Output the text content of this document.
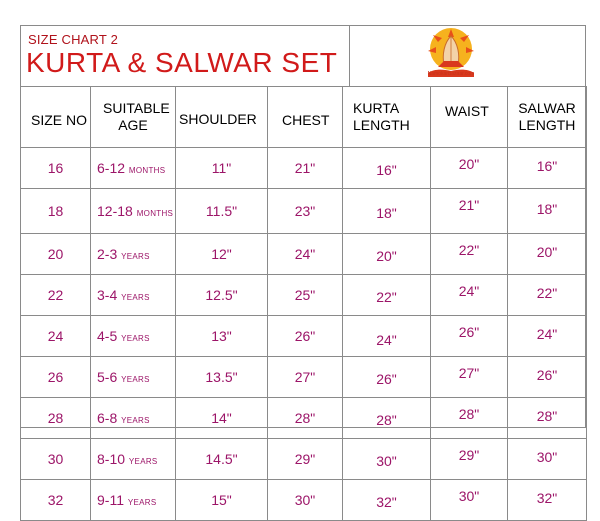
SIZE CHART 2
KURTA & SALWAR SET	NamokarBazaar.com
SIZE NO	SUITABLE AGE	SHOULDER	CHEST	KURTA LENGTH	WAIST	SALWAR LENGTH
16	6-12 MONTHS	11"	21"	16"	20"	16"
18	12-18 MONTHS	11.5"	23"	18"	21"	18"
20	2-3 YEARS	12"	24"	20"	22"	20"
22	3-4 YEARS	12.5"	25"	22"	24"	22"
24	4-5 YEARS	13"	26"	24"	26"	24"
26	5-6 YEARS	13.5"	27"	26"	27"	26"
28	6-8 YEARS	14"	28"	28"	28"	28"
30	8-10 YEARS	14.5"	29"	30"	29"	30"
32	9-11 YEARS	15"	30"	32"	30"	32"
